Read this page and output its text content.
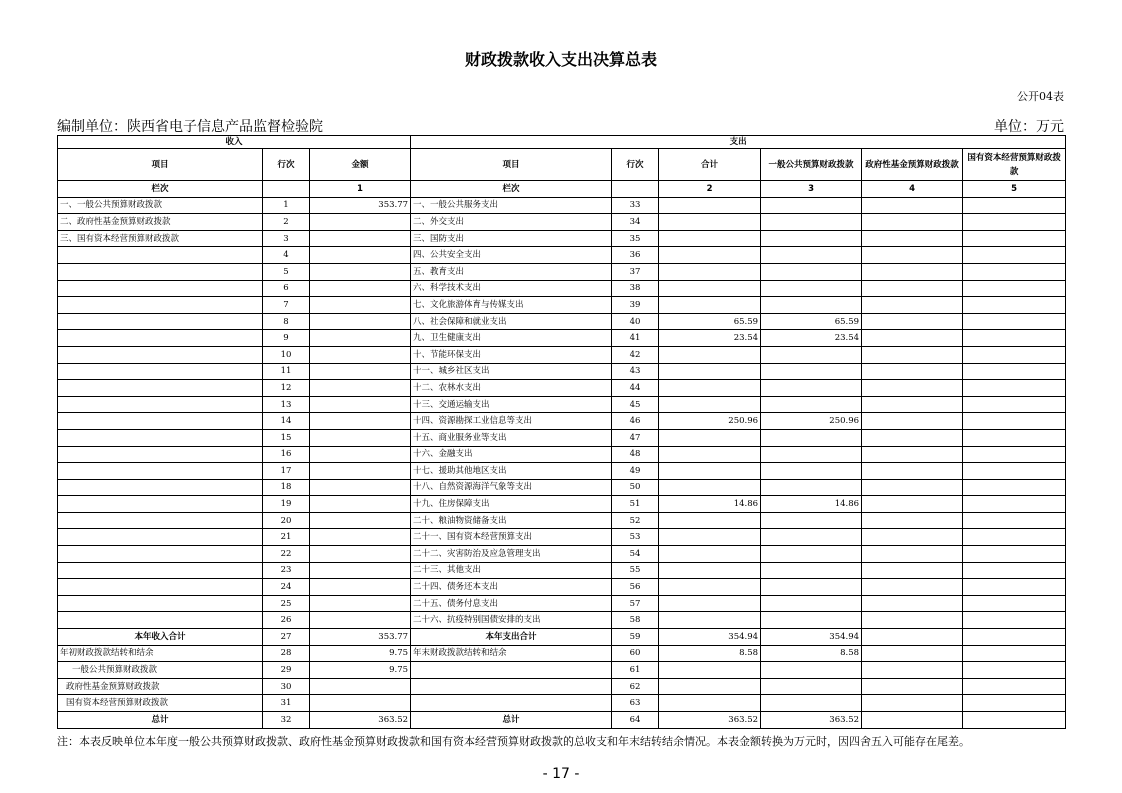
财政拨款收入支出决算总表
公开04表
编制单位：陕西省电子信息产品监督检验院	单位：万元
收入			支出					
项目	行次	金额	项目	行次	合计	一般公共预算财政拨款	政府性基金预算财政拨款	国有资本经营预算财政拨款
栏次		1	栏次		2	3	4	5
一、一般公共预算财政拨款	1	353.77	一、一般公共服务支出	33				
二、政府性基金预算财政拨款	2		二、外交支出	34				
三、国有资本经营预算财政拨款	3		三、国防支出	35				
	4		四、公共安全支出	36				
	5		五、教育支出	37				
	6		六、科学技术支出	38				
	7		七、文化旅游体育与传媒支出	39				
	8		八、社会保障和就业支出	40	65.59	65.59		
	9		九、卫生健康支出	41	23.54	23.54		
	10		十、节能环保支出	42				
	11		十一、城乡社区支出	43				
	12		十二、农林水支出	44				
	13		十三、交通运输支出	45				
	14		十四、资源勘探工业信息等支出	46	250.96	250.96		
	15		十五、商业服务业等支出	47				
	16		十六、金融支出	48				
	17		十七、援助其他地区支出	49				
	18		十八、自然资源海洋气象等支出	50				
	19		十九、住房保障支出	51	14.86	14.86		
	20		二十、粮油物资储备支出	52				
	21		二十一、国有资本经营预算支出	53				
	22		二十二、灾害防治及应急管理支出	54				
	23		二十三、其他支出	55				
	24		二十四、债务还本支出	56				
	25		二十五、债务付息支出	57				
	26		二十六、抗疫特别国债安排的支出	58				
本年收入合计	27	353.77	本年支出合计	59	354.94	354.94		
年初财政拨款结转和结余	28	9.75	年末财政拨款结转和结余	60	8.58	8.58		
一般公共预算财政拨款	29	9.75		61				
政府性基金预算财政拨款	30			62				
国有资本经营预算财政拨款	31			63				
总计	32	363.52	总计	64	363.52	363.52		
注：本表反映单位本年度一般公共预算财政拨款、政府性基金预算财政拨款和国有资本经营预算财政拨款的总收支和年末结转结余情况。本表金额转换为万元时，因四舍五入可能存在尾差。
- 17 -
